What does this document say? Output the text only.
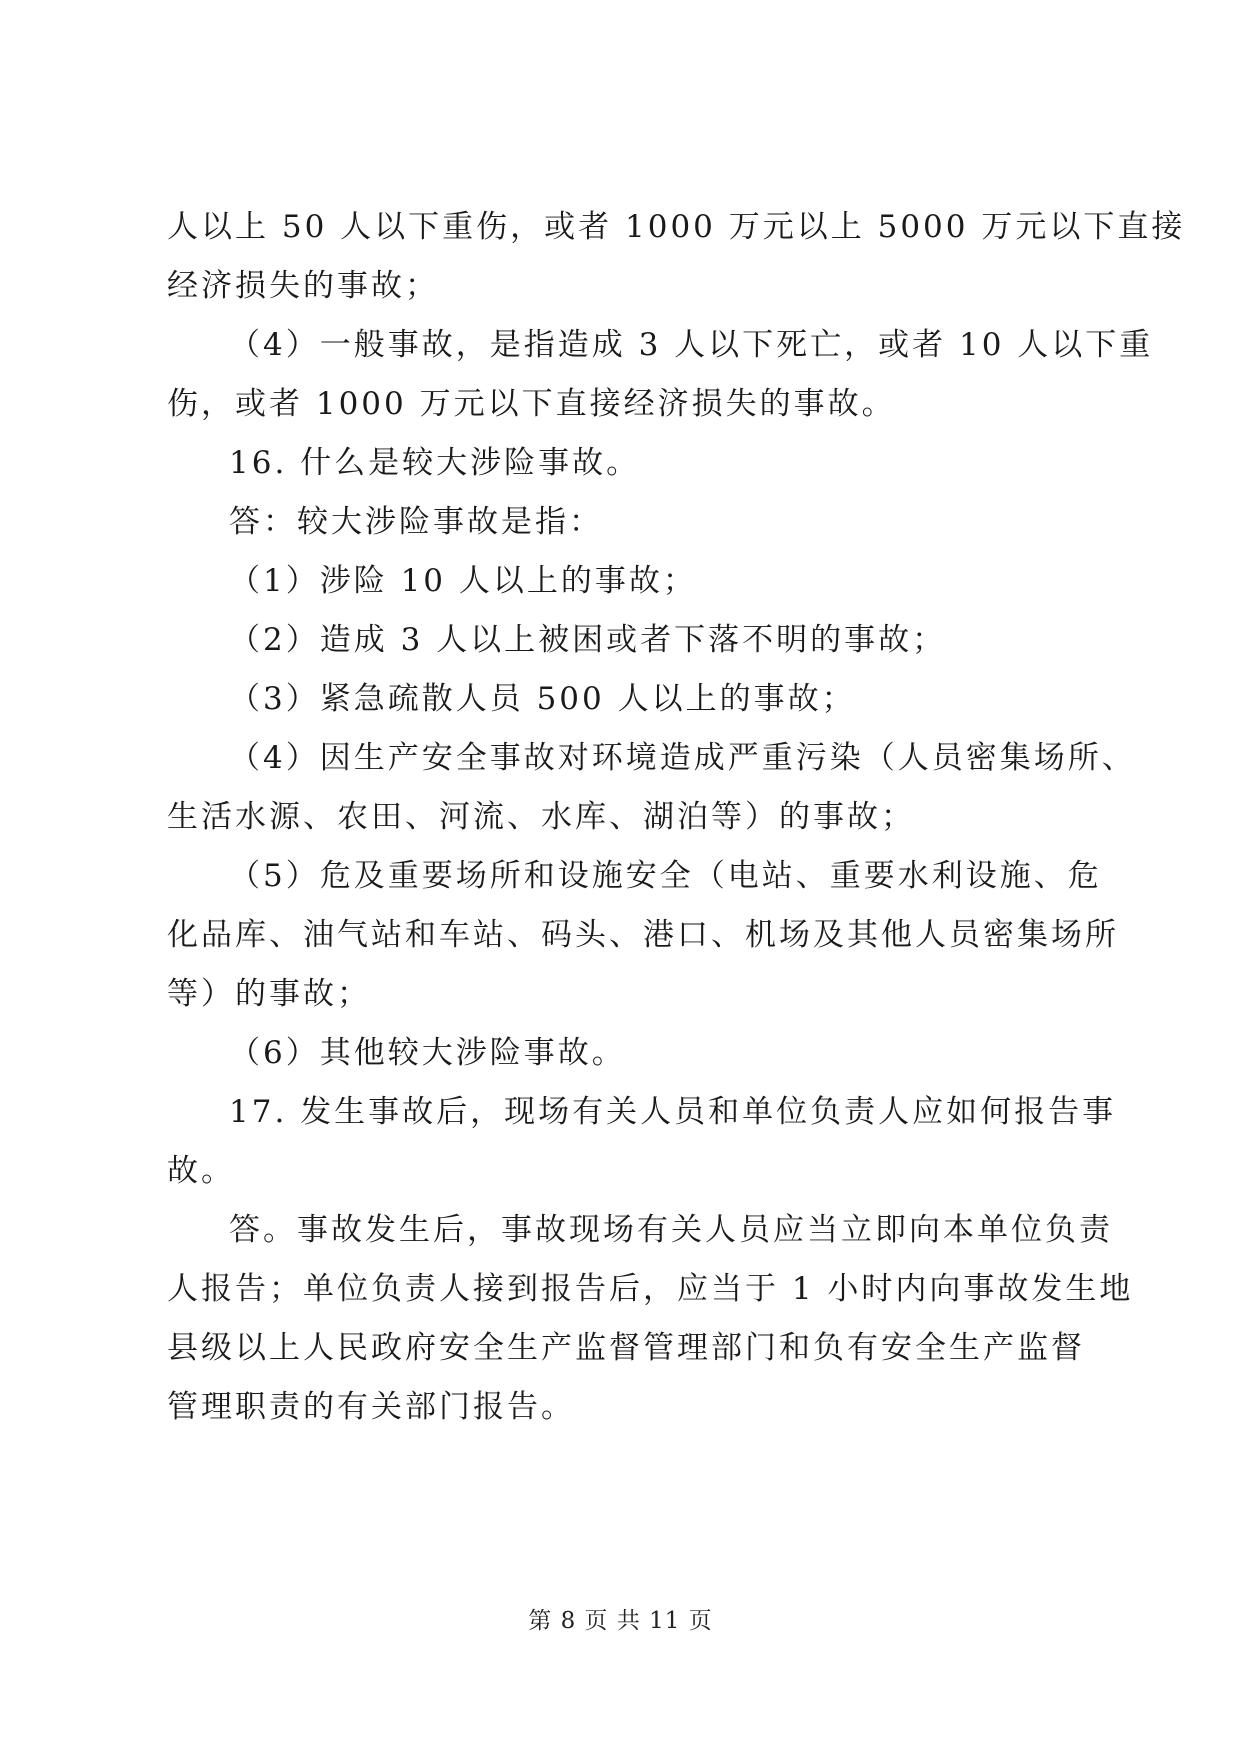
人以上 50 人以下重伤，或者 1000 万元以上 5000 万元以下直接
经济损失的事故；
（4）一般事故，是指造成 3 人以下死亡，或者 10 人以下重
伤，或者 1000 万元以下直接经济损失的事故。
16. 什么是较大涉险事故。
答：较大涉险事故是指：
（1）涉险 10 人以上的事故；
（2）造成 3 人以上被困或者下落不明的事故；
（3）紧急疏散人员 500 人以上的事故；
（4）因生产安全事故对环境造成严重污染（人员密集场所、
生活水源、农田、河流、水库、湖泊等）的事故；
（5）危及重要场所和设施安全（电站、重要水利设施、危
化品库、油气站和车站、码头、港口、机场及其他人员密集场所
等）的事故；
（6）其他较大涉险事故。
17. 发生事故后，现场有关人员和单位负责人应如何报告事
故。
答。事故发生后，事故现场有关人员应当立即向本单位负责
人报告；单位负责人接到报告后，应当于 1 小时内向事故发生地
县级以上人民政府安全生产监督管理部门和负有安全生产监督
管理职责的有关部门报告。
第 8 页 共 11 页
